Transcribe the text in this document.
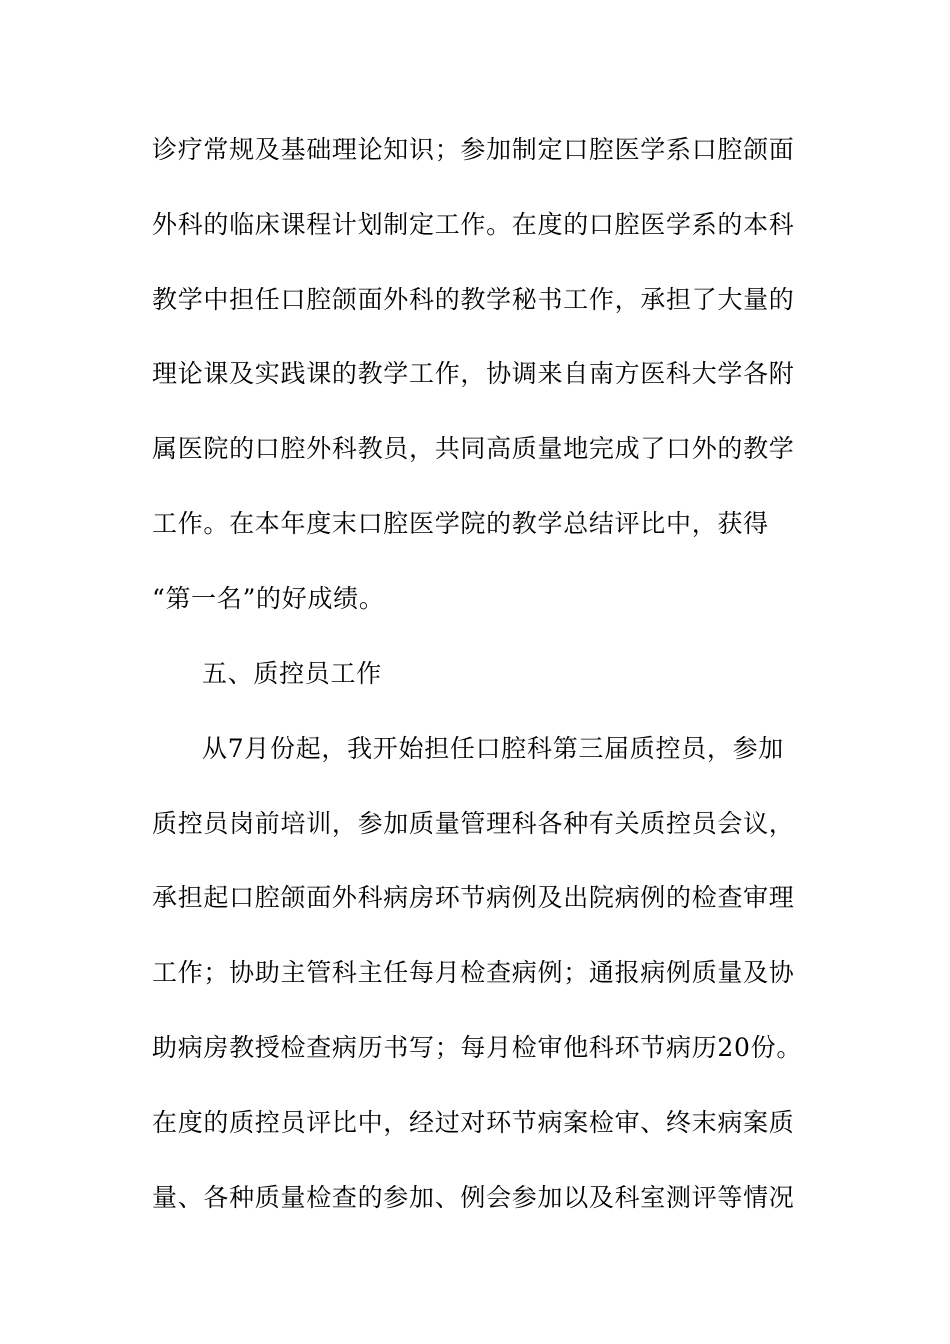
诊疗常规及基础理论知识；参加制定口腔医学系口腔颌面
外科的临床课程计划制定工作。在度的口腔医学系的本科
教学中担任口腔颌面外科的教学秘书工作，承担了大量的
理论课及实践课的教学工作，协调来自南方医科大学各附
属医院的口腔外科教员，共同高质量地完成了口外的教学
工作。在本年度末口腔医学院的教学总结评比中，获得
“第一名”的好成绩。
五、质控员工作
从7月份起，我开始担任口腔科第三届质控员，参加
质控员岗前培训，参加质量管理科各种有关质控员会议，
承担起口腔颌面外科病房环节病例及出院病例的检查审理
工作；协助主管科主任每月检查病例；通报病例质量及协
助病房教授检查病历书写；每月检审他科环节病历20份。
在度的质控员评比中，经过对环节病案检审、终末病案质
量、各种质量检查的参加、例会参加以及科室测评等情况
